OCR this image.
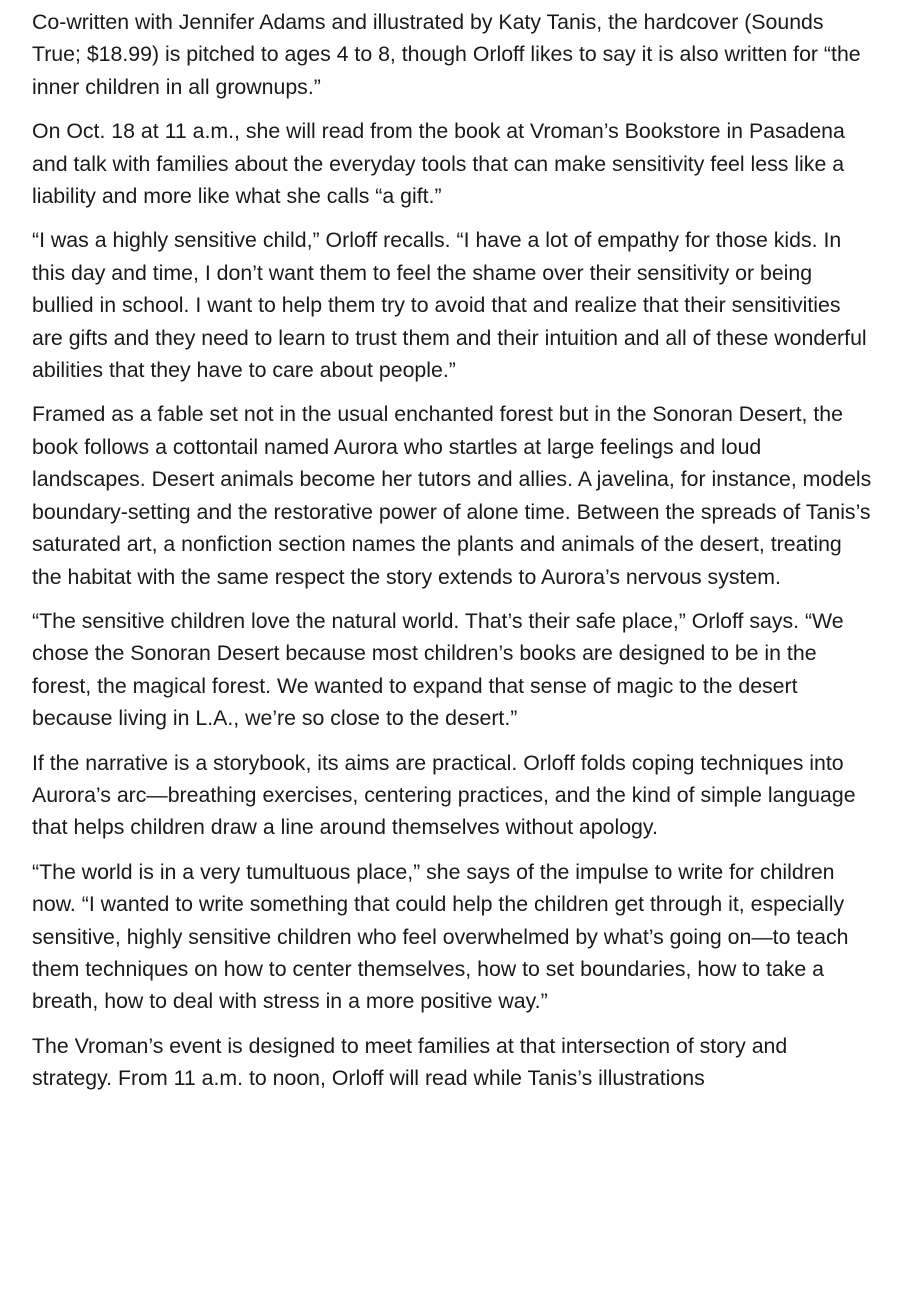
Co-written with Jennifer Adams and illustrated by Katy Tanis, the hardcover (Sounds True; $18.99) is pitched to ages 4 to 8, though Orloff likes to say it is also written for “the inner children in all grownups.”

On Oct. 18 at 11 a.m., she will read from the book at Vroman’s Bookstore in Pasadena and talk with families about the everyday tools that can make sensitivity feel less like a liability and more like what she calls “a gift.”

“I was a highly sensitive child,” Orloff recalls. “I have a lot of empathy for those kids. In this day and time, I don’t want them to feel the shame over their sensitivity or being bullied in school. I want to help them try to avoid that and realize that their sensitivities are gifts and they need to learn to trust them and their intuition and all of these wonderful abilities that they have to care about people.”

Framed as a fable set not in the usual enchanted forest but in the Sonoran Desert, the book follows a cottontail named Aurora who startles at large feelings and loud landscapes. Desert animals become her tutors and allies. A javelina, for instance, models boundary-setting and the restorative power of alone time. Between the spreads of Tanis’s saturated art, a nonfiction section names the plants and animals of the desert, treating the habitat with the same respect the story extends to Aurora’s nervous system.

“The sensitive children love the natural world. That’s their safe place,” Orloff says. “We chose the Sonoran Desert because most children’s books are designed to be in the forest, the magical forest. We wanted to expand that sense of magic to the desert because living in L.A., we’re so close to the desert.”

If the narrative is a storybook, its aims are practical. Orloff folds coping techniques into Aurora’s arc—breathing exercises, centering practices, and the kind of simple language that helps children draw a line around themselves without apology.

“The world is in a very tumultuous place,” she says of the impulse to write for children now. “I wanted to write something that could help the children get through it, especially sensitive, highly sensitive children who feel overwhelmed by what’s going on—to teach them techniques on how to center themselves, how to set boundaries, how to take a breath, how to deal with stress in a more positive way.”

The Vroman’s event is designed to meet families at that intersection of story and strategy. From 11 a.m. to noon, Orloff will read while Tanis’s illustrations
